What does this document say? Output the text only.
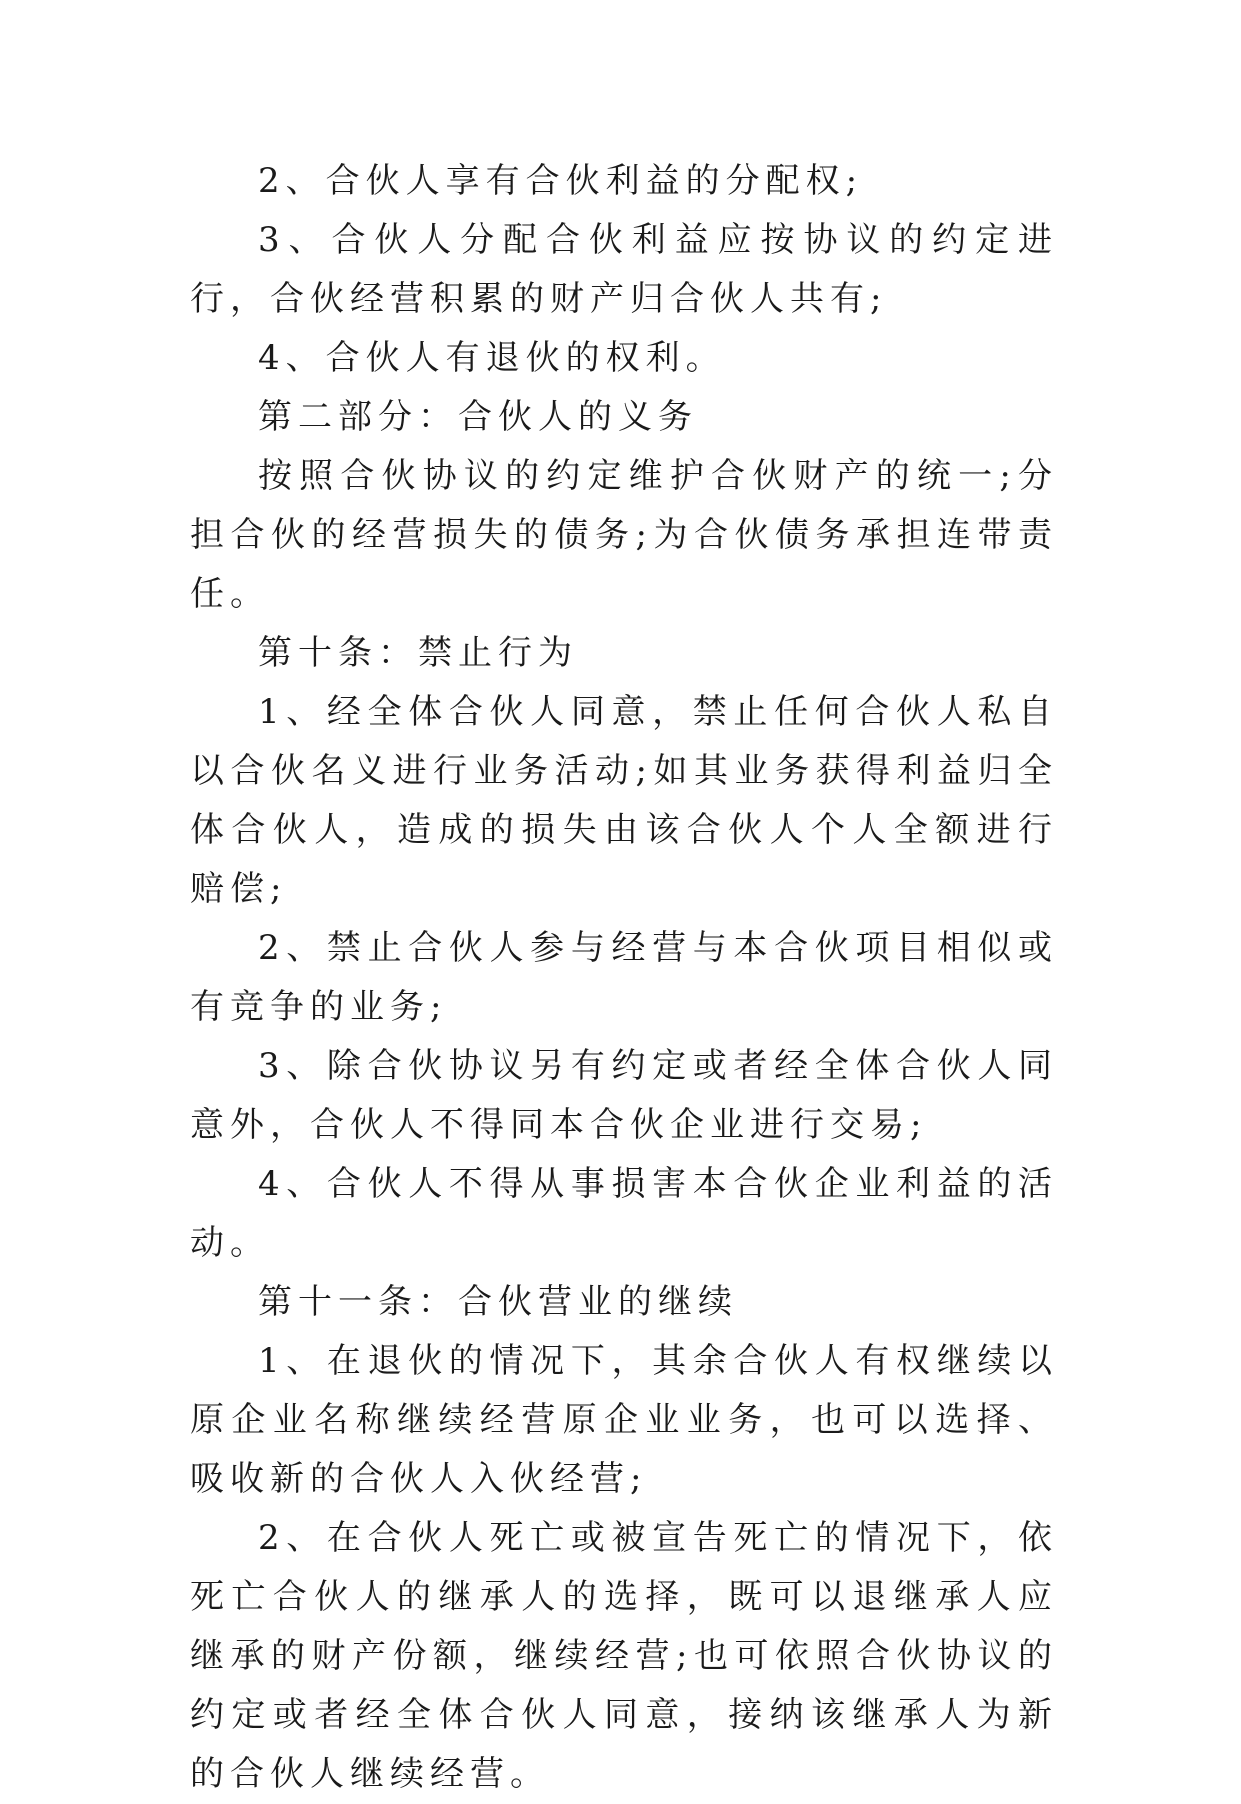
2、合伙人享有合伙利益的分配权;

3、合伙人分配合伙利益应按协议的约定进行，合伙经营积累的财产归合伙人共有;

4、合伙人有退伙的权利。

第二部分：合伙人的义务

按照合伙协议的约定维护合伙财产的统一;分担合伙的经营损失的债务;为合伙债务承担连带责任。

第十条：禁止行为

1、经全体合伙人同意，禁止任何合伙人私自以合伙名义进行业务活动;如其业务获得利益归全体合伙人，造成的损失由该合伙人个人全额进行赔偿;

2、禁止合伙人参与经营与本合伙项目相似或有竞争的业务;

3、除合伙协议另有约定或者经全体合伙人同意外，合伙人不得同本合伙企业进行交易;

4、合伙人不得从事损害本合伙企业利益的活动。

第十一条：合伙营业的继续

1、在退伙的情况下，其余合伙人有权继续以原企业名称继续经营原企业业务，也可以选择、吸收新的合伙人入伙经营;

2、在合伙人死亡或被宣告死亡的情况下，依死亡合伙人的继承人的选择，既可以退继承人应继承的财产份额，继续经营;也可依照合伙协议的约定或者经全体合伙人同意，接纳该继承人为新的合伙人继续经营。
